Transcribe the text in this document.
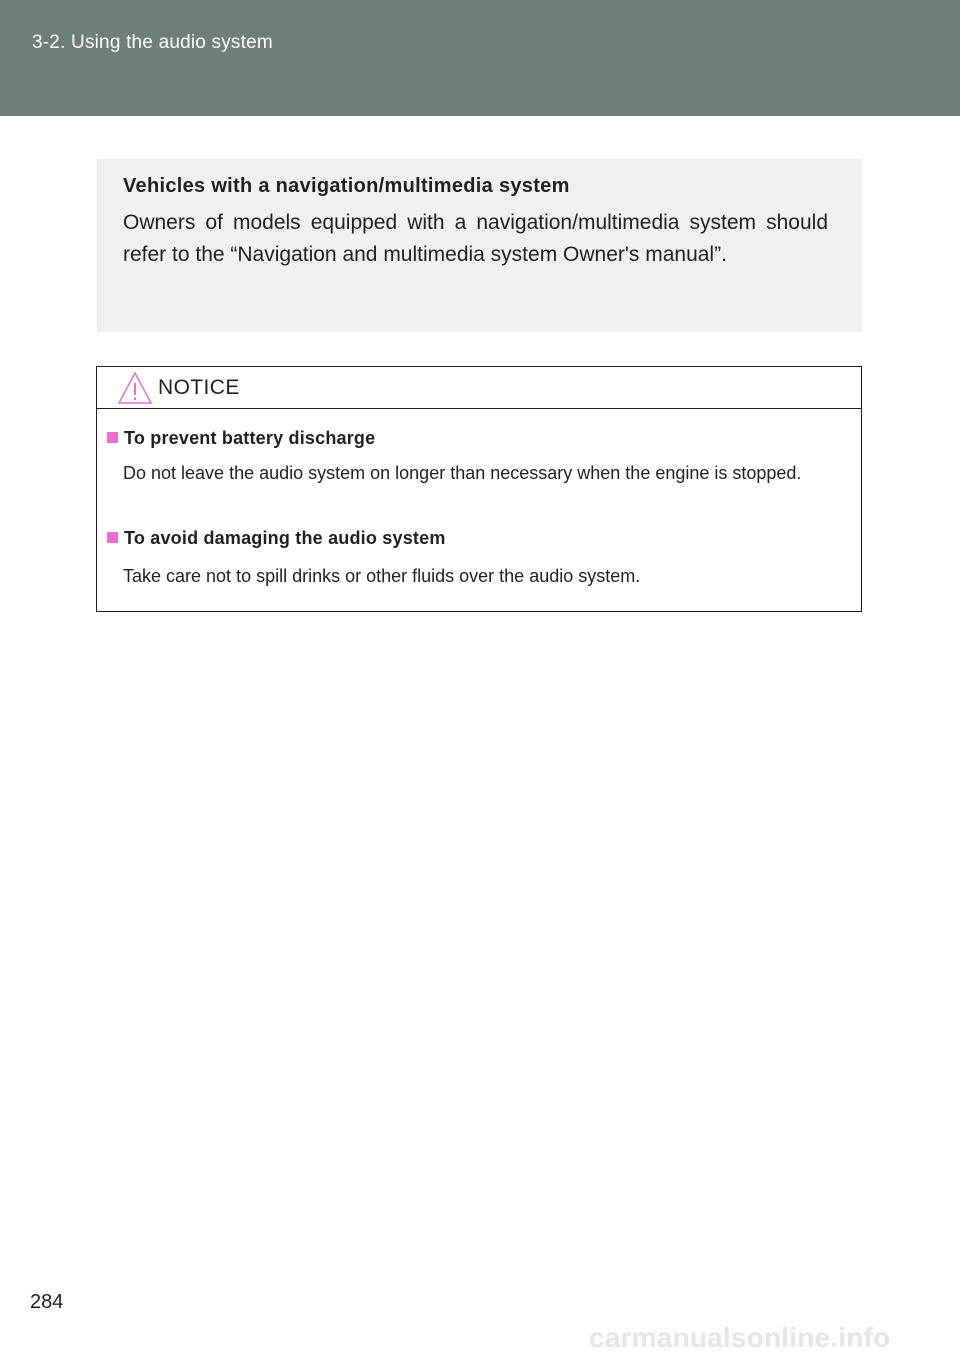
3-2. Using the audio system
Vehicles with a navigation/multimedia system
Owners of models equipped with a navigation/multimedia system should refer to the “Navigation and multimedia system Owner's manual”.
NOTICE
To prevent battery discharge
Do not leave the audio system on longer than necessary when the engine is stopped.
To avoid damaging the audio system
Take care not to spill drinks or other fluids over the audio system.
284
carmanualsonline.info
